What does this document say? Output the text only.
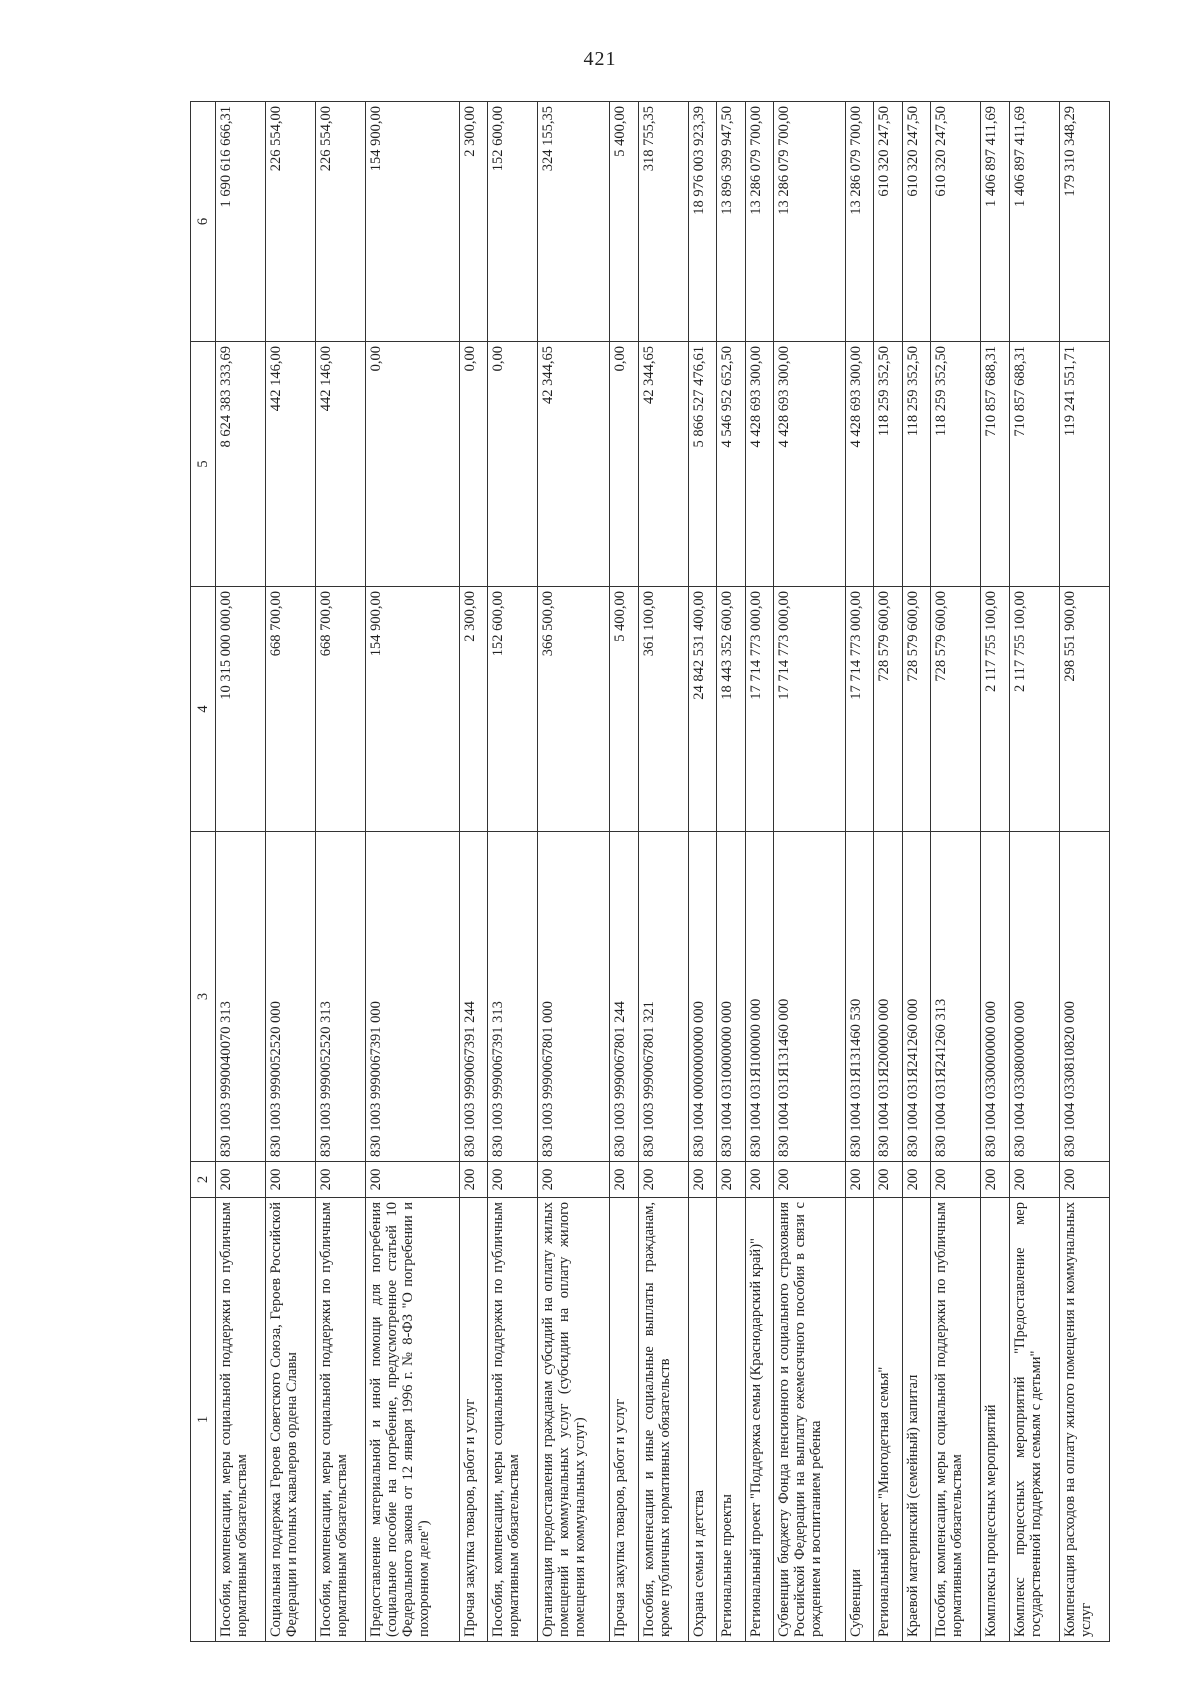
421
1	2	3	4	5	6
Пособия, компенсации, меры социальной поддержки по публичным нормативным обязательствам	200	830 1003 9990040070 313	10 315 000 000,00	8 624 383 333,69	1 690 616 666,31
Социальная поддержка Героев Советского Союза, Героев Российской Федерации и полных кавалеров ордена Славы	200	830 1003 9990052520 000	668 700,00	442 146,00	226 554,00
Пособия, компенсации, меры социальной поддержки по публичным нормативным обязательствам	200	830 1003 9990052520 313	668 700,00	442 146,00	226 554,00
Предоставление материальной и иной помощи для погребения (социальное пособие на погребение, предусмотренное статьей 10 Федерального закона от 12 января 1996 г. № 8-ФЗ "О погребении и похоронном деле")	200	830 1003 9990067391 000	154 900,00	0,00	154 900,00
Прочая закупка товаров, работ и услуг	200	830 1003 9990067391 244	2 300,00	0,00	2 300,00
Пособия, компенсации, меры социальной поддержки по публичным нормативным обязательствам	200	830 1003 9990067391 313	152 600,00	0,00	152 600,00
Организация предоставления гражданам субсидий на оплату жилых помещений и коммунальных услуг (субсидии на оплату жилого помещения и коммунальных услуг)	200	830 1003 9990067801 000	366 500,00	42 344,65	324 155,35
Прочая закупка товаров, работ и услуг	200	830 1003 9990067801 244	5 400,00	0,00	5 400,00
Пособия, компенсации и иные социальные выплаты гражданам, кроме публичных нормативных обязательств	200	830 1003 9990067801 321	361 100,00	42 344,65	318 755,35
Охрана семьи и детства	200	830 1004 0000000000 000	24 842 531 400,00	5 866 527 476,61	18 976 003 923,39
Региональные проекты	200	830 1004 0310000000 000	18 443 352 600,00	4 546 952 652,50	13 896 399 947,50
Региональный проект "Поддержка семьи (Краснодарский край)"	200	830 1004 031Я100000 000	17 714 773 000,00	4 428 693 300,00	13 286 079 700,00
Субвенции бюджету Фонда пенсионного и социального страхования Российской Федерации на выплату ежемесячного пособия в связи с рождением и воспитанием ребенка	200	830 1004 031Я131460 000	17 714 773 000,00	4 428 693 300,00	13 286 079 700,00
Субвенции	200	830 1004 031Я131460 530	17 714 773 000,00	4 428 693 300,00	13 286 079 700,00
Региональный проект "Многодетная семья"	200	830 1004 031Я200000 000	728 579 600,00	118 259 352,50	610 320 247,50
Краевой материнский (семейный) капитал	200	830 1004 031Я241260 000	728 579 600,00	118 259 352,50	610 320 247,50
Пособия, компенсации, меры социальной поддержки по публичным нормативным обязательствам	200	830 1004 031Я241260 313	728 579 600,00	118 259 352,50	610 320 247,50
Комплексы процессных мероприятий	200	830 1004 0330000000 000	2 117 755 100,00	710 857 688,31	1 406 897 411,69
Комплекс процессных мероприятий "Предоставление мер государственной поддержки семьям с детьми"	200	830 1004 0330800000 000	2 117 755 100,00	710 857 688,31	1 406 897 411,69
Компенсация расходов на оплату жилого помещения и коммунальных услуг	200	830 1004 0330810820 000	298 551 900,00	119 241 551,71	179 310 348,29
